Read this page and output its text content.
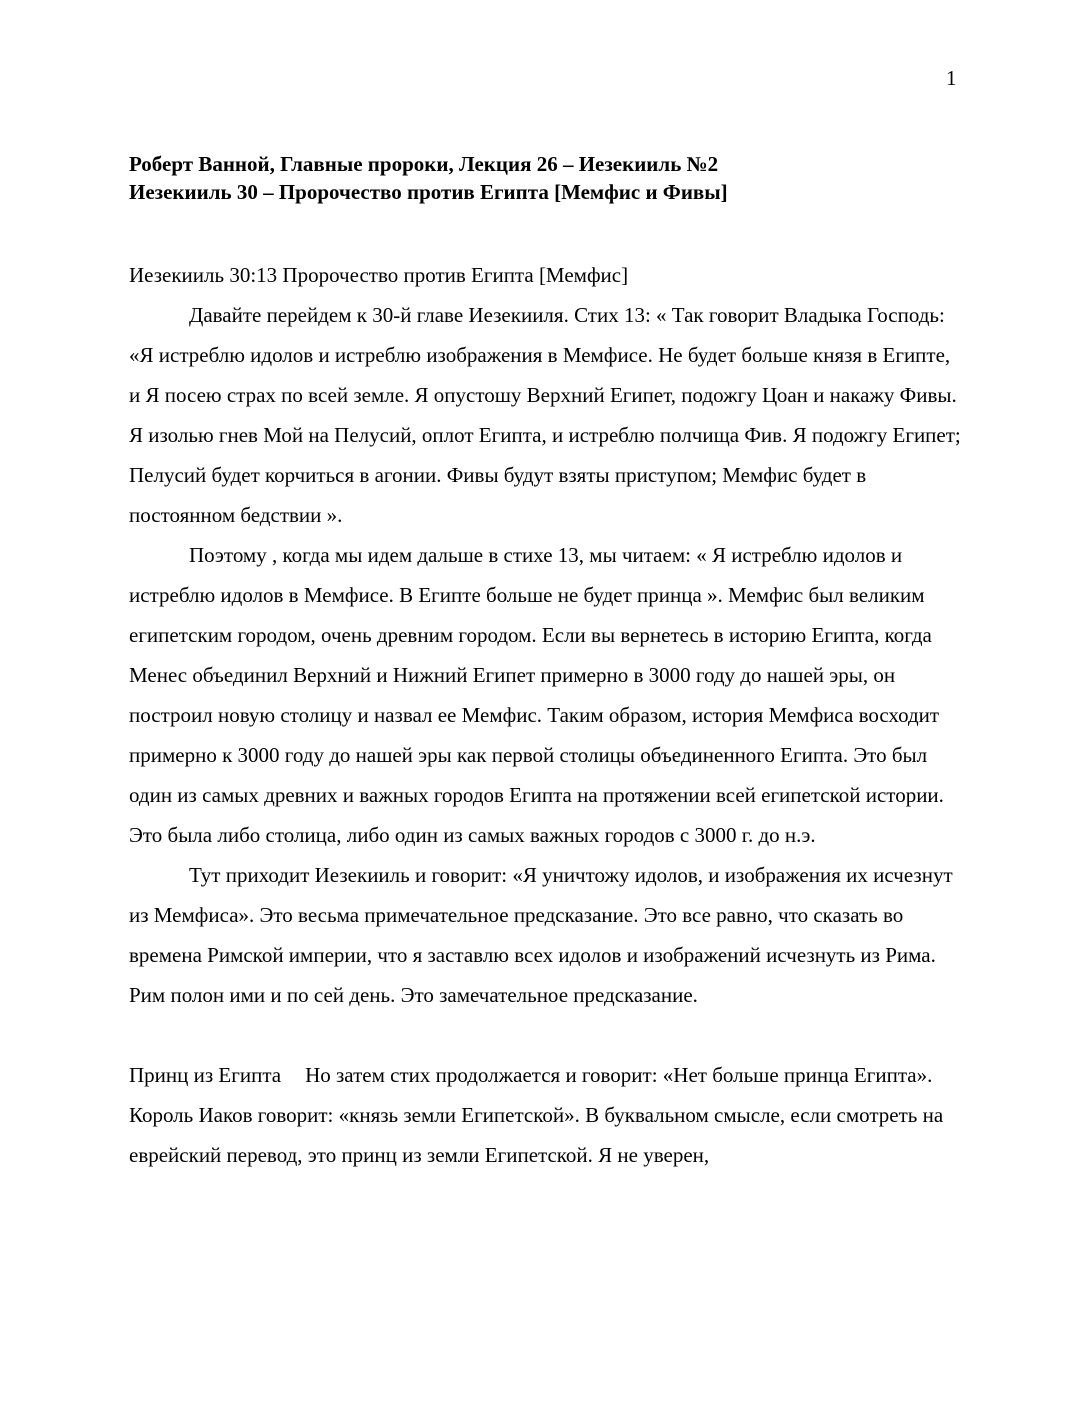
1
Роберт Ванной, Главные пророки, Лекция 26 – Иезекииль №2
Иезекииль 30 – Пророчество против Египта [Мемфис и Фивы]

Иезекииль 30:13 Пророчество против Египта [Мемфис]

Давайте перейдем к 30-й главе Иезекииля. Стих 13: « Так говорит Владыка Господь: «Я истреблю идолов и истреблю изображения в Мемфисе. Не будет больше князя в Египте, и Я посею страх по всей земле. Я опустошу Верхний Египет, подожгу Цоан и накажу Фивы. Я изолью гнев Мой на Пелусий, оплот Египта, и истреблю полчища Фив. Я подожгу Египет; Пелусий будет корчиться в агонии. Фивы будут взяты приступом; Мемфис будет в постоянном бедствии ».

Поэтому , когда мы идем дальше в стихе 13, мы читаем: « Я истреблю идолов и истреблю идолов в Мемфисе. В Египте больше не будет принца ». Мемфис был великим египетским городом, очень древним городом. Если вы вернетесь в историю Египта, когда Менес объединил Верхний и Нижний Египет примерно в 3000 году до нашей эры, он построил новую столицу и назвал ее Мемфис. Таким образом, история Мемфиса восходит примерно к 3000 году до нашей эры как первой столицы объединенного Египта. Это был один из самых древних и важных городов Египта на протяжении всей египетской истории. Это была либо столица, либо один из самых важных городов с 3000 г. до н.э.

Тут приходит Иезекииль и говорит: «Я уничтожу идолов, и изображения их исчезнут из Мемфиса». Это весьма примечательное предсказание. Это все равно, что сказать во времена Римской империи, что я заставлю всех идолов и изображений исчезнуть из Рима. Рим полон ими и по сей день. Это замечательное предсказание.

Принц из Египта Но затем стих продолжается и говорит: «Нет больше принца Египта». Король Иаков говорит: «князь земли Египетской». В буквальном смысле, если смотреть на еврейский перевод, это принц из земли Египетской. Я не уверен,
